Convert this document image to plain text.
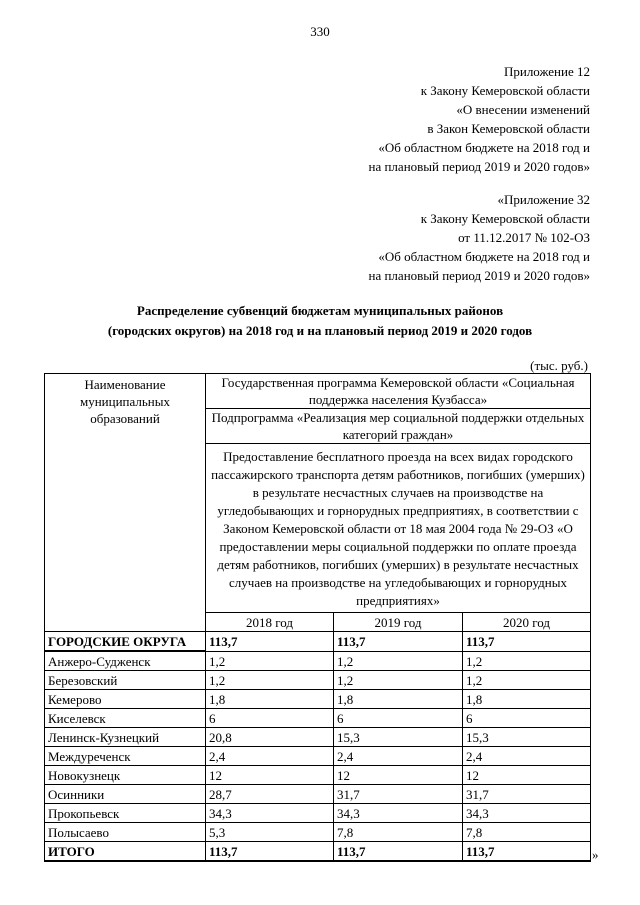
330
Приложение 12
к Закону Кемеровской области
«О внесении изменений
в Закон Кемеровской области
«Об областном бюджете на 2018 год и
на плановый период 2019 и 2020 годов»
«Приложение 32
к Закону Кемеровской области
от 11.12.2017 № 102-ОЗ
«Об областном бюджете на 2018 год и
на плановый период 2019 и 2020 годов»
Распределение субвенций бюджетам муниципальных районов
(городских округов) на 2018 год и на плановый период 2019 и 2020 годов
(тыс. руб.)
Наименование муниципальных образований	Государственная программа Кемеровской области «Социальная поддержка населения Кузбасса»		
	Подпрограмма «Реализация мер социальной поддержки отдельных категорий граждан»		
	Предоставление бесплатного проезда на всех видах городского пассажирского транспорта детям работников, погибших (умерших) в результате несчастных случаев на производстве на угледобывающих и горнорудных предприятиях, в соответствии с Законом Кемеровской области от 18 мая 2004 года № 29-ОЗ «О предоставлении меры социальной поддержки по оплате проезда детям работников, погибших (умерших) в результате несчастных случаев на производстве на угледобывающих и горнорудных предприятиях»		
	2018 год	2019 год	2020 год
ГОРОДСКИЕ ОКРУГА	113,7	113,7	113,7
Анжеро-Судженск	1,2	1,2	1,2
Березовский	1,2	1,2	1,2
Кемерово	1,8	1,8	1,8
Киселевск	6	6	6
Ленинск-Кузнецкий	20,8	15,3	15,3
Междуреченск	2,4	2,4	2,4
Новокузнецк	12	12	12
Осинники	28,7	31,7	31,7
Прокопьевск	34,3	34,3	34,3
Полысаево	5,3	7,8	7,8
ИТОГО	113,7	113,7	113,7	»
